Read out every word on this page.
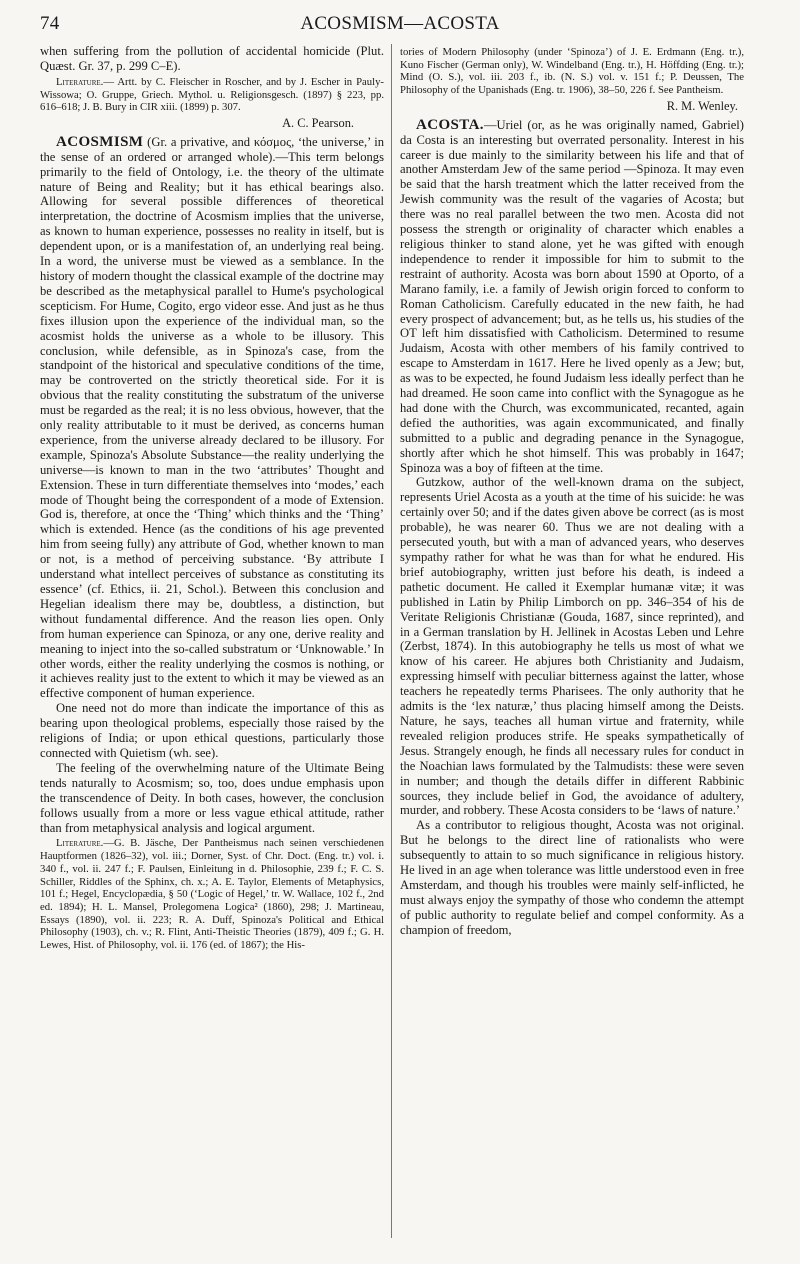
74	ACOSMISM—ACOSTA

when suffering from the pollution of accidental homicide (Plut. Quæst. Gr. 37, p. 299 C–E).

Literature.— Artt. by C. Fleischer in Roscher, and by J. Escher in Pauly-Wissowa; O. Gruppe, Griech. Mythol. u. Religionsgesch. (1897) § 223, pp. 616–618; J. B. Bury in CIR xiii. (1899) p. 307.

A. C. Pearson.

ACOSMISM (Gr. a privative, and κόσμος, ‘the universe,’ in the sense of an ordered or arranged whole).—This term belongs primarily to the field of Ontology, i.e. the theory of the ultimate nature of Being and Reality; but it has ethical bearings also. Allowing for several possible differences of theoretical interpretation, the doctrine of Acosmism implies that the universe, as known to human experience, possesses no reality in itself, but is dependent upon, or is a manifestation of, an underlying real being. In a word, the universe must be viewed as a semblance. In the history of modern thought the classical example of the doctrine may be described as the metaphysical parallel to Hume's psychological scepticism. For Hume, Cogito, ergo videor esse. And just as he thus fixes illusion upon the experience of the individual man, so the acosmist holds the universe as a whole to be illusory. This conclusion, while defensible, as in Spinoza's case, from the standpoint of the historical and speculative conditions of the time, may be controverted on the strictly theoretical side. For it is obvious that the reality constituting the substratum of the universe must be regarded as the real; it is no less obvious, however, that the only reality attributable to it must be derived, as concerns human experience, from the universe already declared to be illusory. For example, Spinoza's Absolute Substance—the reality underlying the universe—is known to man in the two ‘attributes’ Thought and Extension. These in turn differentiate themselves into ‘modes,’ each mode of Thought being the correspondent of a mode of Extension. God is, therefore, at once the ‘Thing’ which thinks and the ‘Thing’ which is extended. Hence (as the conditions of his age prevented him from seeing fully) any attribute of God, whether known to man or not, is a method of perceiving substance. ‘By attribute I understand what intellect perceives of substance as constituting its essence’ (cf. Ethics, ii. 21, Schol.). Between this conclusion and Hegelian idealism there may be, doubtless, a distinction, but without fundamental difference. And the reason lies open. Only from human experience can Spinoza, or any one, derive reality and meaning to inject into the so-called substratum or ‘Unknowable.’ In other words, either the reality underlying the cosmos is nothing, or it achieves reality just to the extent to which it may be viewed as an effective component of human experience.

One need not do more than indicate the importance of this as bearing upon theological problems, especially those raised by the religions of India; or upon ethical questions, particularly those connected with Quietism (wh. see).

The feeling of the overwhelming nature of the Ultimate Being tends naturally to Acosmism; so, too, does undue emphasis upon the transcendence of Deity. In both cases, however, the conclusion follows usually from a more or less vague ethical attitude, rather than from metaphysical analysis and logical argument.

Literature.—G. B. Jäsche, Der Pantheismus nach seinen verschiedenen Hauptformen (1826–32), vol. iii.; Dorner, Syst. of Chr. Doct. (Eng. tr.) vol. i. 340 f., vol. ii. 247 f.; F. Paulsen, Einleitung in d. Philosophie, 239 f.; F. C. S. Schiller, Riddles of the Sphinx, ch. x.; A. E. Taylor, Elements of Metaphysics, 101 f.; Hegel, Encyclopædia, § 50 (‘Logic of Hegel,’ tr. W. Wallace, 102 f., 2nd ed. 1894); H. L. Mansel, Prolegomena Logica² (1860), 298; J. Martineau, Essays (1890), vol. ii. 223; R. A. Duff, Spinoza's Political and Ethical Philosophy (1903), ch. v.; R. Flint, Anti-Theistic Theories (1879), 409 f.; G. H. Lewes, Hist. of Philosophy, vol. ii. 176 (ed. of 1867); the His-

tories of Modern Philosophy (under ‘Spinoza’) of J. E. Erdmann (Eng. tr.), Kuno Fischer (German only), W. Windelband (Eng. tr.), H. Höffding (Eng. tr.); Mind (O. S.), vol. iii. 203 f., ib. (N. S.) vol. v. 151 f.; P. Deussen, The Philosophy of the Upanishads (Eng. tr. 1906), 38–50, 226 f. See Pantheism.

R. M. Wenley.

ACOSTA.—Uriel (or, as he was originally named, Gabriel) da Costa is an interesting but overrated personality. Interest in his career is due mainly to the similarity between his life and that of another Amsterdam Jew of the same period —Spinoza. It may even be said that the harsh treatment which the latter received from the Jewish community was the result of the vagaries of Acosta; but there was no real parallel between the two men. Acosta did not possess the strength or originality of character which enables a religious thinker to stand alone, yet he was gifted with enough independence to render it impossible for him to submit to the restraint of authority. Acosta was born about 1590 at Oporto, of a Marano family, i.e. a family of Jewish origin forced to conform to Roman Catholicism. Carefully educated in the new faith, he had every prospect of advancement; but, as he tells us, his studies of the OT left him dissatisfied with Catholicism. Determined to resume Judaism, Acosta with other members of his family contrived to escape to Amsterdam in 1617. Here he lived openly as a Jew; but, as was to be expected, he found Judaism less ideally perfect than he had dreamed. He soon came into conflict with the Synagogue as he had done with the Church, was excommunicated, recanted, again defied the authorities, was again excommunicated, and finally submitted to a public and degrading penance in the Synagogue, shortly after which he shot himself. This was probably in 1647; Spinoza was a boy of fifteen at the time.

Gutzkow, author of the well-known drama on the subject, represents Uriel Acosta as a youth at the time of his suicide: he was certainly over 50; and if the dates given above be correct (as is most probable), he was nearer 60. Thus we are not dealing with a persecuted youth, but with a man of advanced years, who deserves sympathy rather for what he was than for what he endured. His brief autobiography, written just before his death, is indeed a pathetic document. He called it Exemplar humanæ vitæ; it was published in Latin by Philip Limborch on pp. 346–354 of his de Veritate Religionis Christianæ (Gouda, 1687, since reprinted), and in a German translation by H. Jellinek in Acostas Leben und Lehre (Zerbst, 1874). In this autobiography he tells us most of what we know of his career. He abjures both Christianity and Judaism, expressing himself with peculiar bitterness against the latter, whose teachers he repeatedly terms Pharisees. The only authority that he admits is the ‘lex naturæ,’ thus placing himself among the Deists. Nature, he says, teaches all human virtue and fraternity, while revealed religion produces strife. He speaks sympathetically of Jesus. Strangely enough, he finds all necessary rules for conduct in the Noachian laws formulated by the Talmudists: these were seven in number; and though the details differ in different Rabbinic sources, they include belief in God, the avoidance of adultery, murder, and robbery. These Acosta considers to be ‘laws of nature.’

As a contributor to religious thought, Acosta was not original. But he belongs to the direct line of rationalists who were subsequently to attain to so much significance in religious history. He lived in an age when tolerance was little understood even in free Amsterdam, and though his troubles were mainly self-inflicted, he must always enjoy the sympathy of those who condemn the attempt of public authority to regulate belief and compel conformity. As a champion of freedom,
